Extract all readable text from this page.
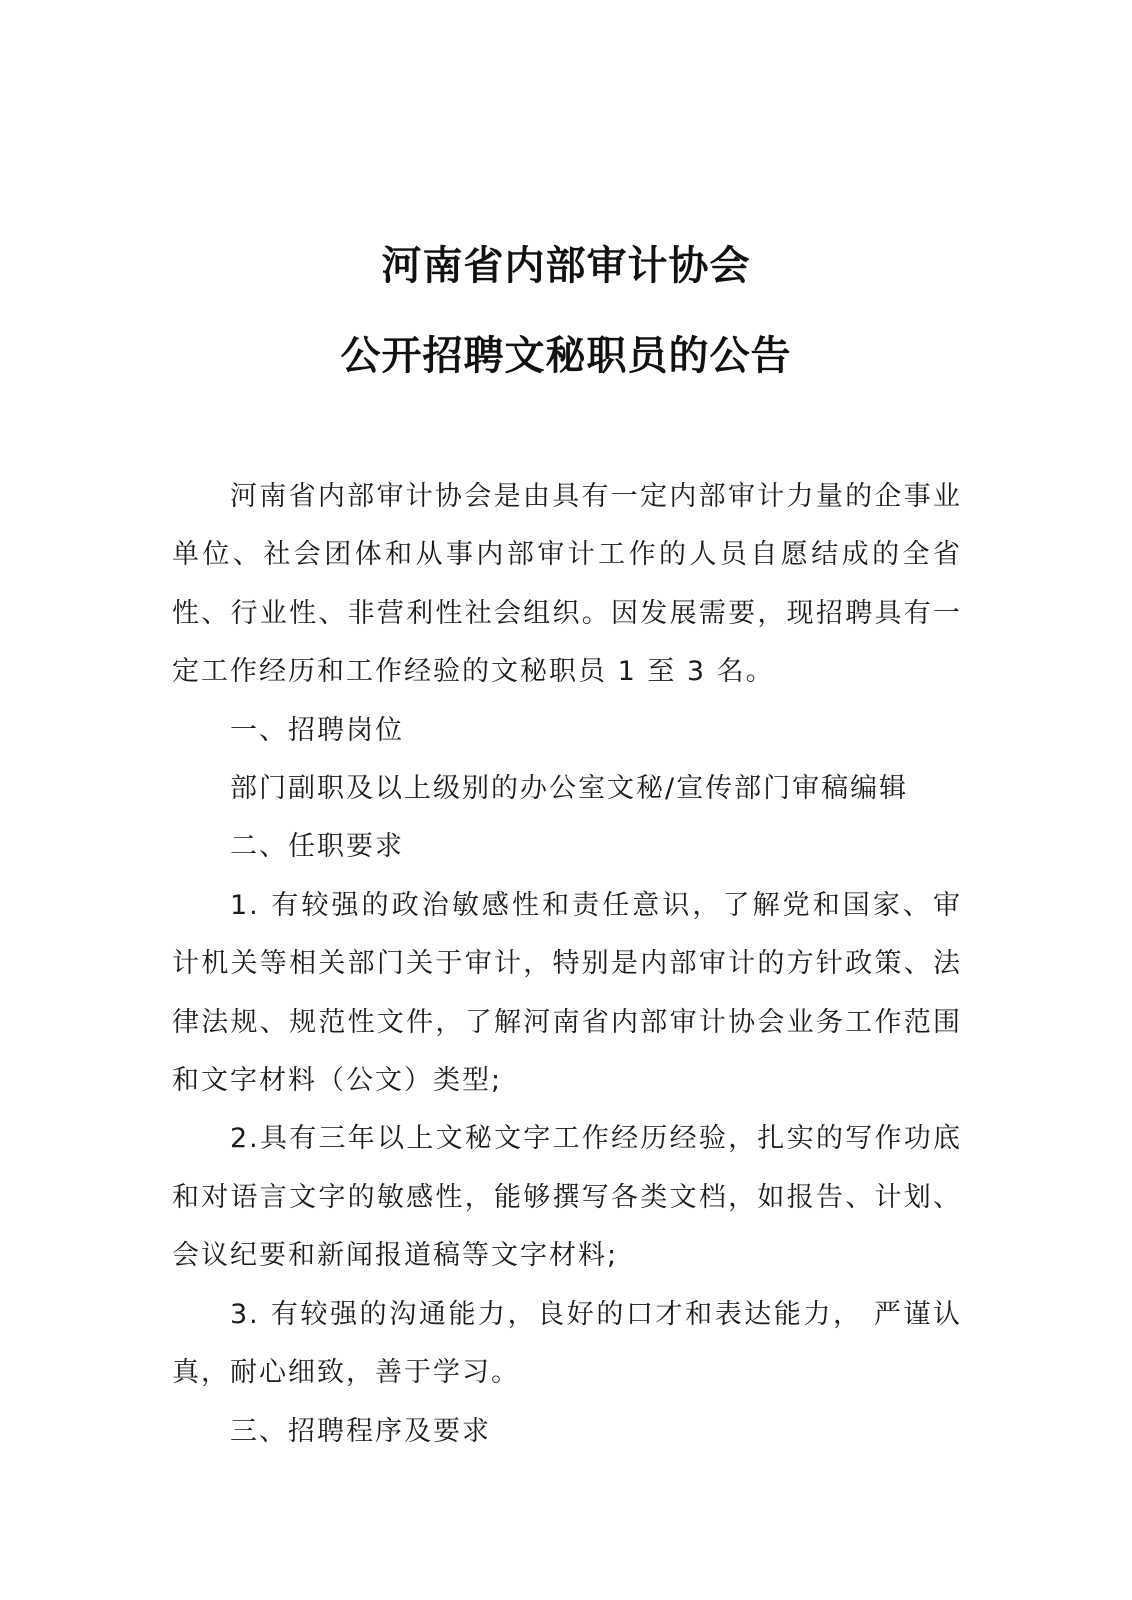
河南省内部审计协会
公开招聘文秘职员的公告

河南省内部审计协会是由具有一定内部审计力量的企事业单位、社会团体和从事内部审计工作的人员自愿结成的全省性、行业性、非营利性社会组织。因发展需要，现招聘具有一定工作经历和工作经验的文秘职员 1 至 3 名。

一、招聘岗位

部门副职及以上级别的办公室文秘/宣传部门审稿编辑

二、任职要求

1. 有较强的政治敏感性和责任意识，了解党和国家、审计机关等相关部门关于审计，特别是内部审计的方针政策、法律法规、规范性文件，了解河南省内部审计协会业务工作范围和文字材料（公文）类型;

2.具有三年以上文秘文字工作经历经验，扎实的写作功底和对语言文字的敏感性，能够撰写各类文档，如报告、计划、会议纪要和新闻报道稿等文字材料;

3. 有较强的沟通能力，良好的口才和表达能力， 严谨认真，耐心细致，善于学习。

三、招聘程序及要求
